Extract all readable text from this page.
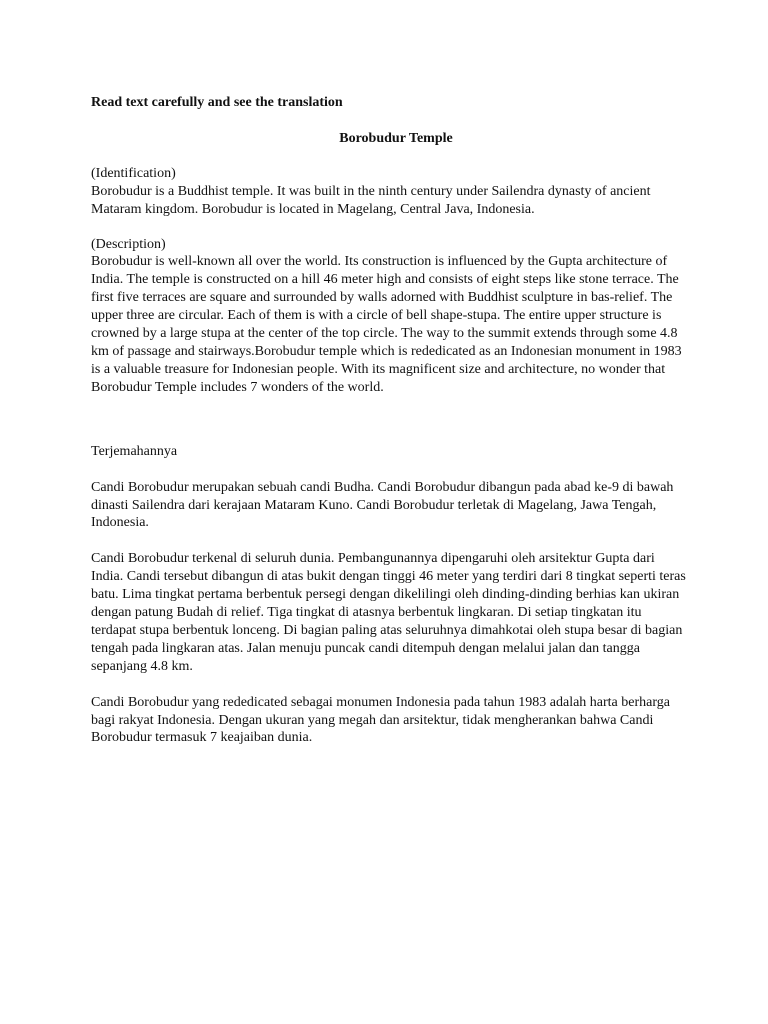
Read text carefully and see the translation

Borobudur Temple

(Identification)

Borobudur is a Buddhist temple. It was built in the ninth century under Sailendra dynasty of ancient Mataram kingdom. Borobudur is located in Magelang, Central Java, Indonesia.

(Description)

Borobudur is well-known all over the world. Its construction is influenced by the Gupta architecture of India. The temple is constructed on a hill 46 meter high and consists of eight steps like stone terrace. The first five terraces are square and surrounded by walls adorned with Buddhist sculpture in bas-relief. The upper three are circular. Each of them is with a circle of bell shape-stupa. The entire upper structure is crowned by a large stupa at the center of the top circle. The way to the summit extends through some 4.8 km of passage and stairways.Borobudur temple which is rededicated as an Indonesian monument in 1983 is a valuable treasure for Indonesian people. With its magnificent size and architecture, no wonder that Borobudur Temple includes 7 wonders of the world.

Terjemahannya

Candi Borobudur merupakan sebuah candi Budha. Candi Borobudur dibangun pada abad ke-9 di bawah dinasti Sailendra dari kerajaan Mataram Kuno. Candi Borobudur terletak di Magelang, Jawa Tengah, Indonesia.

Candi Borobudur terkenal di seluruh dunia. Pembangunannya dipengaruhi oleh arsitektur Gupta dari India. Candi tersebut dibangun di atas bukit dengan tinggi 46 meter yang terdiri dari 8 tingkat seperti teras batu. Lima tingkat pertama berbentuk persegi dengan dikelilingi oleh dinding-dinding berhias kan ukiran dengan patung Budah di relief. Tiga tingkat di atasnya berbentuk lingkaran. Di setiap tingkatan itu terdapat stupa berbentuk lonceng. Di bagian paling atas seluruhnya dimahkotai oleh stupa besar di bagian tengah pada lingkaran atas. Jalan menuju puncak candi ditempuh dengan melalui jalan dan tangga sepanjang 4.8 km.

Candi Borobudur yang rededicated sebagai monumen Indonesia pada tahun 1983 adalah harta berharga bagi rakyat Indonesia. Dengan ukuran yang megah dan arsitektur, tidak mengherankan bahwa Candi Borobudur termasuk 7 keajaiban dunia.
